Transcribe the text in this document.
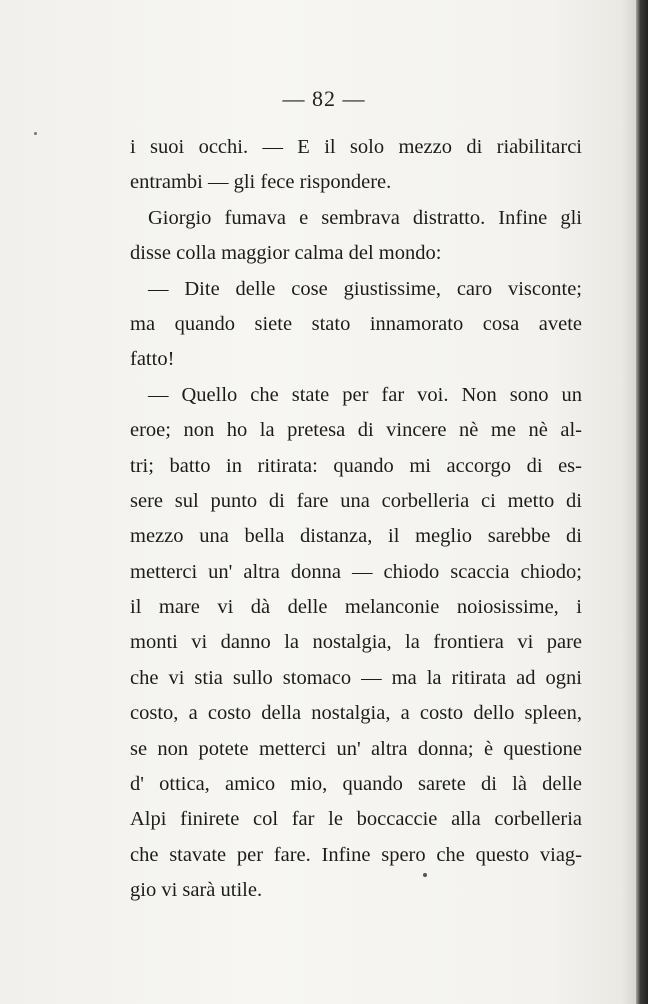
— 82 —
i suoi occhi. — E il solo mezzo di riabilitarci
entrambi — gli fece rispondere.
Giorgio fumava e sembrava distratto. Infine gli
disse colla maggior calma del mondo:
— Dite delle cose giustissime, caro visconte;
ma quando siete stato innamorato cosa avete
fatto!
— Quello che state per far voi. Non sono un
eroe; non ho la pretesa di vincere nè me nè al-
tri; batto in ritirata: quando mi accorgo di es-
sere sul punto di fare una corbelleria ci metto di
mezzo una bella distanza, il meglio sarebbe di
metterci un' altra donna — chiodo scaccia chiodo;
il mare vi dà delle melanconie noiosissime, i
monti vi danno la nostalgia, la frontiera vi pare
che vi stia sullo stomaco — ma la ritirata ad ogni
costo, a costo della nostalgia, a costo dello spleen,
se non potete metterci un' altra donna; è questione
d' ottica, amico mio, quando sarete di là delle
Alpi finirete col far le boccaccie alla corbelleria
che stavate per fare. Infine spero che questo viag-
gio vi sarà utile.
